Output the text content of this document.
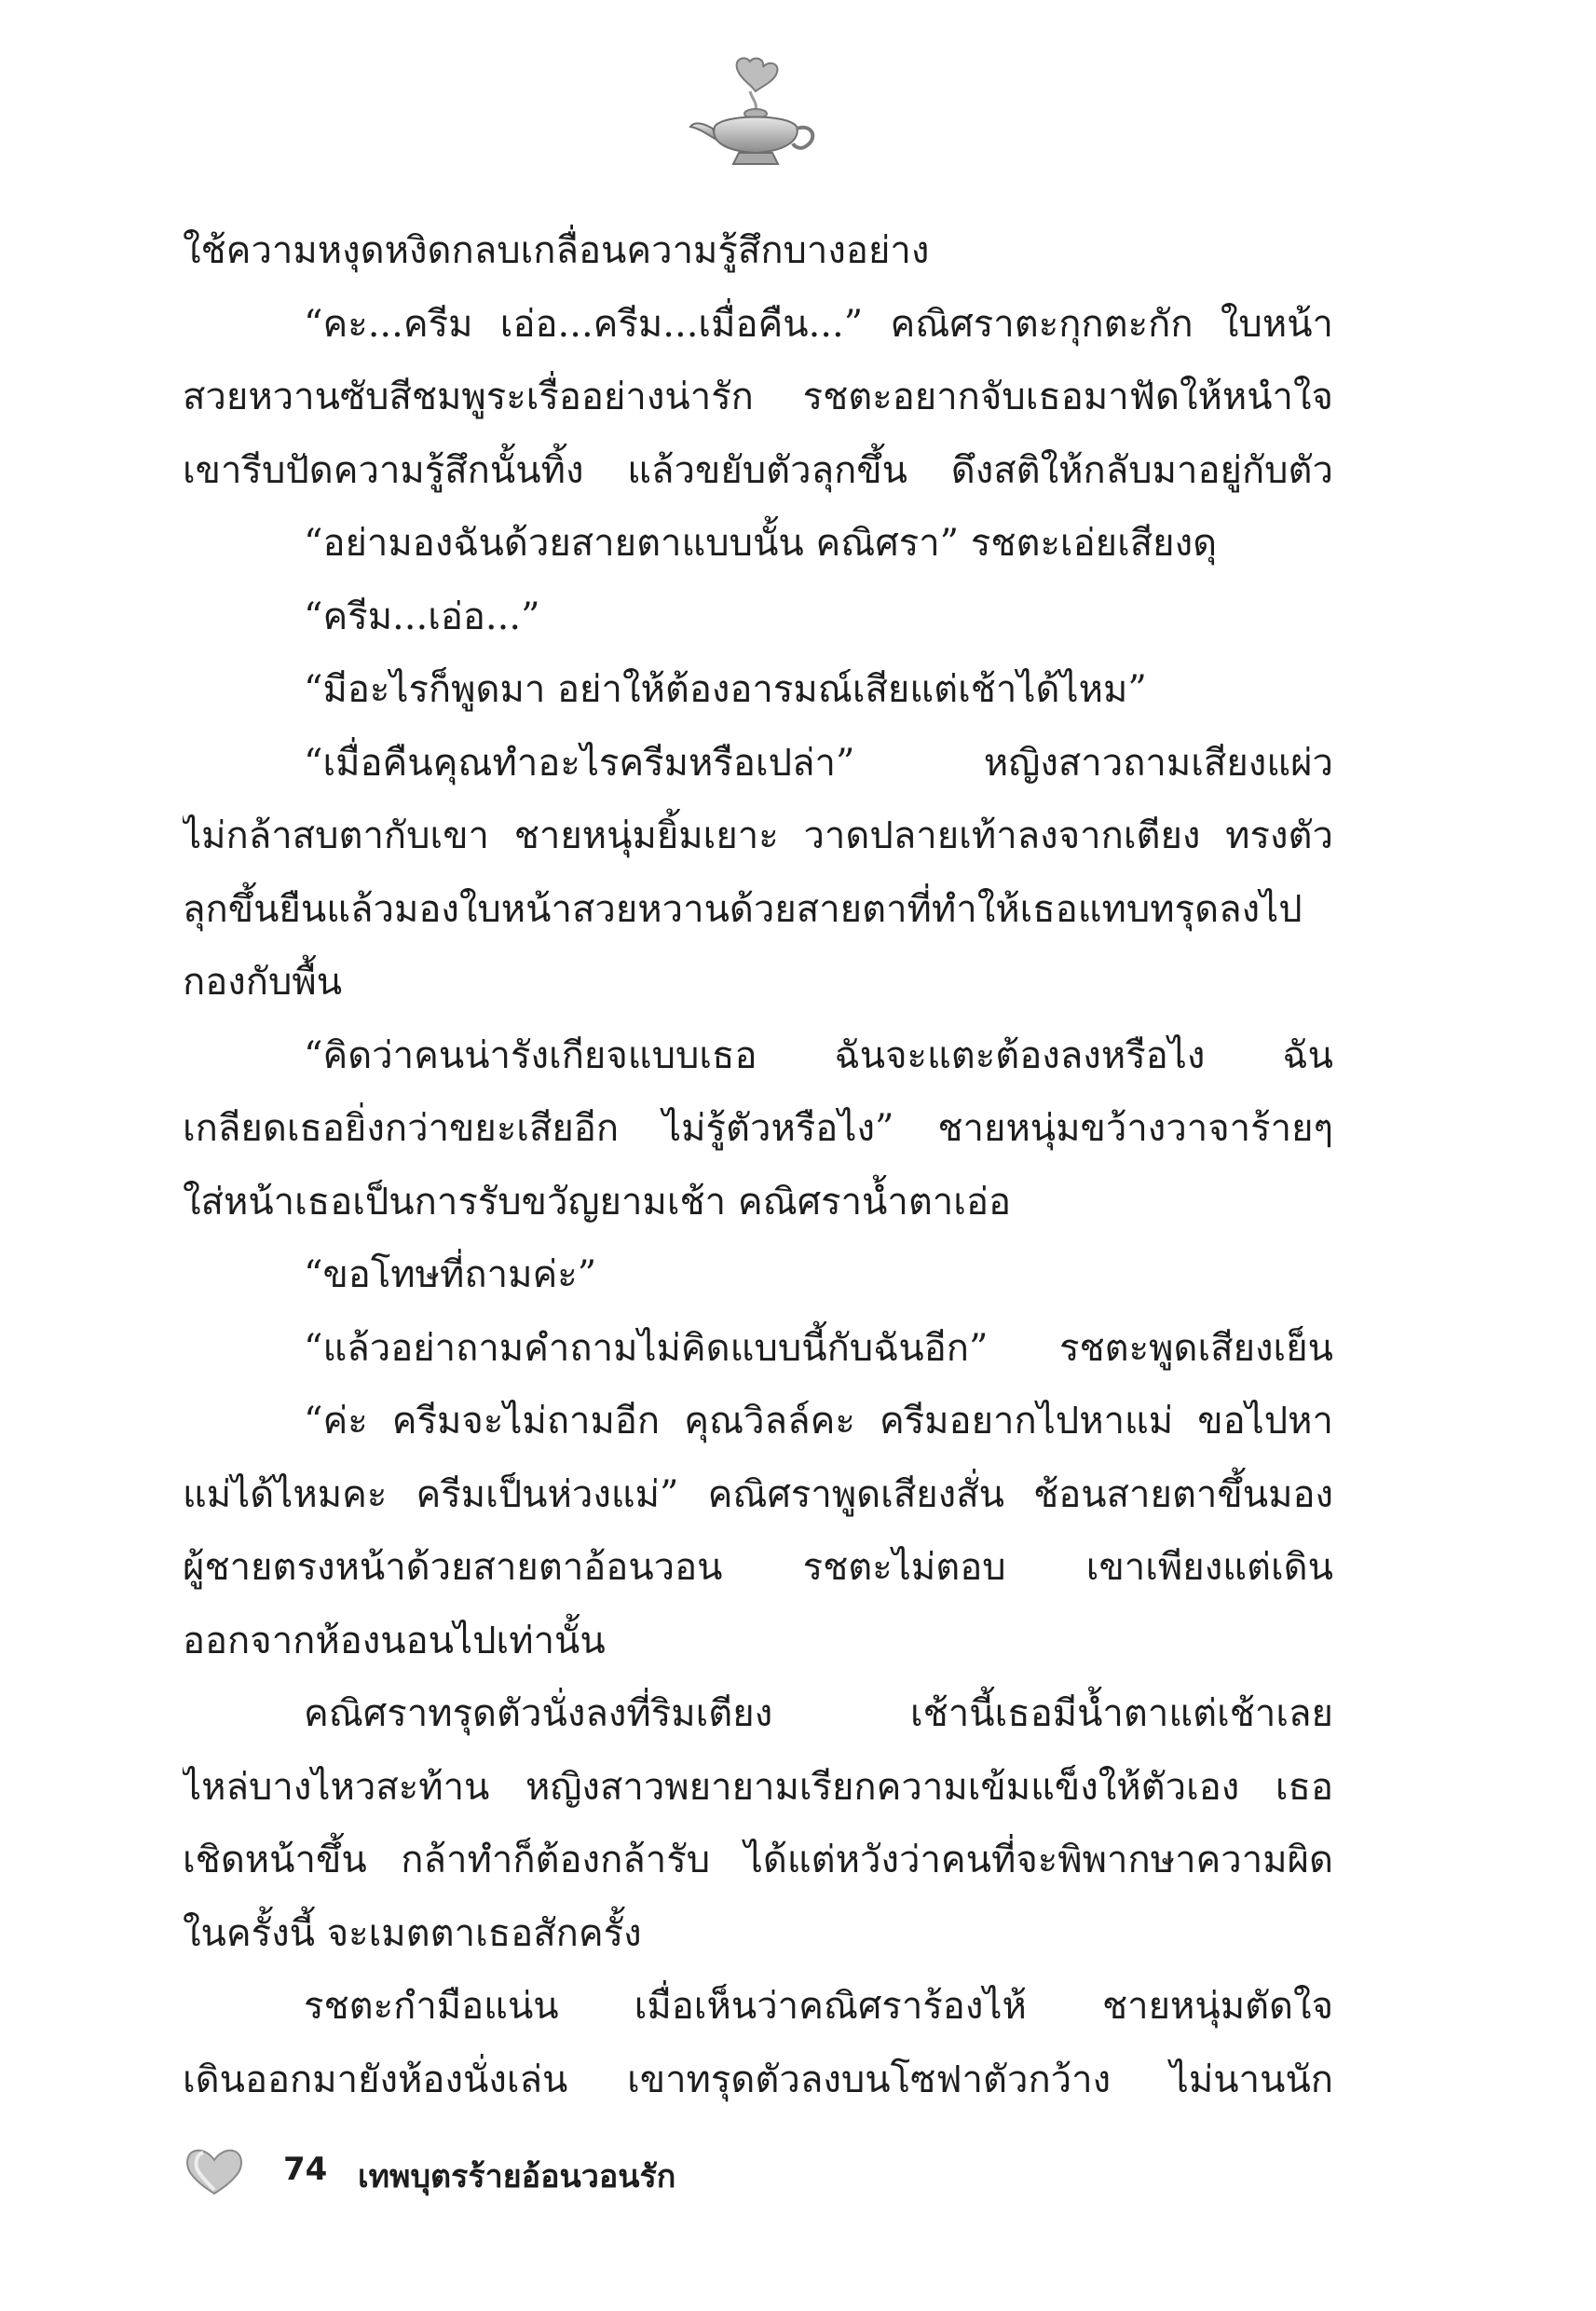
ใช้ความหงุดหงิดกลบเกลื่อนความรู้สึกบางอย่าง
“คะ...ครีม เอ่อ...ครีม...เมื่อคืน...” คณิศราตะกุกตะกัก ใบหน้า
สวยหวานซับสีชมพูระเรื่ออย่างน่ารัก รชตะอยากจับเธอมาฟัดให้หนำใจ
เขารีบปัดความรู้สึกนั้นทิ้ง แล้วขยับตัวลุกขึ้น ดึงสติให้กลับมาอยู่กับตัว
“อย่ามองฉันด้วยสายตาแบบนั้น คณิศรา” รชตะเอ่ยเสียงดุ
“ครีม...เอ่อ...”
“มีอะไรก็พูดมา อย่าให้ต้องอารมณ์เสียแต่เช้าได้ไหม”
“เมื่อคืนคุณทำอะไรครีมหรือเปล่า” หญิงสาวถามเสียงแผ่ว
ไม่กล้าสบตากับเขา ชายหนุ่มยิ้มเยาะ วาดปลายเท้าลงจากเตียง ทรงตัว
ลุกขึ้นยืนแล้วมองใบหน้าสวยหวานด้วยสายตาที่ทำให้เธอแทบทรุดลงไป
กองกับพื้น
“คิดว่าคนน่ารังเกียจแบบเธอ ฉันจะแตะต้องลงหรือไง ฉัน
เกลียดเธอยิ่งกว่าขยะเสียอีก ไม่รู้ตัวหรือไง” ชายหนุ่มขว้างวาจาร้ายๆ
ใส่หน้าเธอเป็นการรับขวัญยามเช้า คณิศราน้ำตาเอ่อ
“ขอโทษที่ถามค่ะ”
“แล้วอย่าถามคำถามไม่คิดแบบนี้กับฉันอีก” รชตะพูดเสียงเย็น
“ค่ะ ครีมจะไม่ถามอีก คุณวิลล์คะ ครีมอยากไปหาแม่ ขอไปหา
แม่ได้ไหมคะ ครีมเป็นห่วงแม่” คณิศราพูดเสียงสั่น ช้อนสายตาขึ้นมอง
ผู้ชายตรงหน้าด้วยสายตาอ้อนวอน รชตะไม่ตอบ เขาเพียงแต่เดิน
ออกจากห้องนอนไปเท่านั้น
คณิศราทรุดตัวนั่งลงที่ริมเตียง เช้านี้เธอมีน้ำตาแต่เช้าเลย
ไหล่บางไหวสะท้าน หญิงสาวพยายามเรียกความเข้มแข็งให้ตัวเอง เธอ
เชิดหน้าขึ้น กล้าทำก็ต้องกล้ารับ ได้แต่หวังว่าคนที่จะพิพากษาความผิด
ในครั้งนี้ จะเมตตาเธอสักครั้ง
รชตะกำมือแน่น เมื่อเห็นว่าคณิศราร้องไห้ ชายหนุ่มตัดใจ
เดินออกมายังห้องนั่งเล่น เขาทรุดตัวลงบนโซฟาตัวกว้าง ไม่นานนัก
74 เทพบุตรร้ายอ้อนวอนรัก
